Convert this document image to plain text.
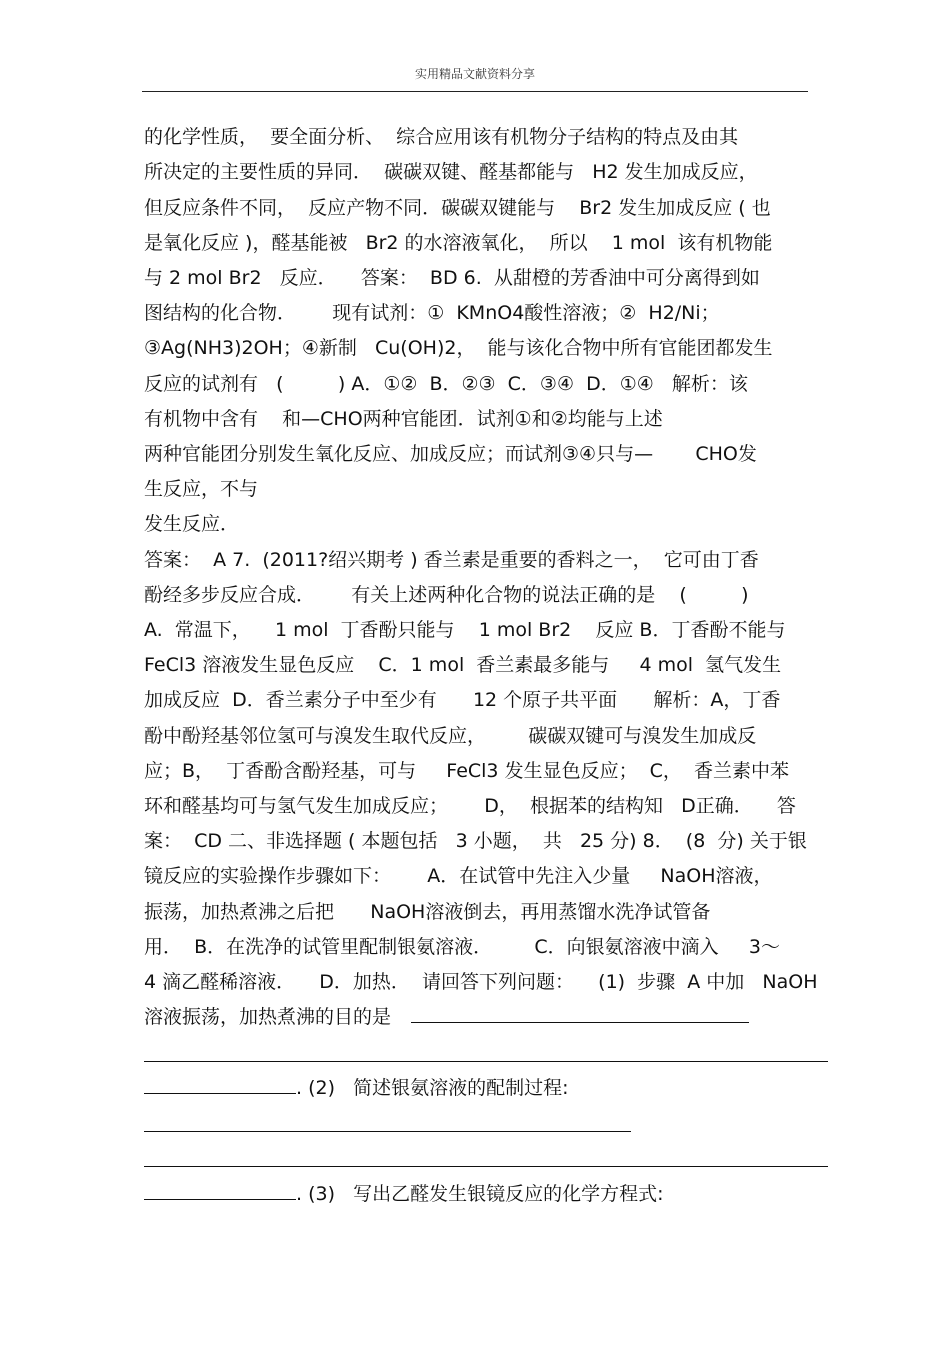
实用精品文献资料分享
的化学性质，  要全面分析、  综合应用该有机物分子结构的特点及由其
所决定的主要性质的异同．  碳碳双键、醛基都能与   H2 发生加成反应，
但反应条件不同，  反应产物不同．碳碳双键能与    Br2 发生加成反应 ( 也
是氧化反应 )，醛基能被   Br2 的水溶液氧化，  所以    1 mol  该有机物能
与 2 mol Br2   反应．    答案：  BD 6.  从甜橙的芳香油中可分离得到如
图结构的化合物．      现有试剂：①  KMnO4酸性溶液；②  H2/Ni；
③Ag(NH3)2OH；④新制   Cu(OH)2，  能与该化合物中所有官能团都发生
反应的试剂有   (         ) A．①②  B．②③  C．③④  D．①④   解析：该
有机物中含有    和—CHO两种官能团．试剂①和②均能与上述
两种官能团分别发生氧化反应、加成反应；而试剂③④只与—       CHO发
生反应，不与
发生反应．
答案：  A 7.  (2011?绍兴期考 ) 香兰素是重要的香料之一，  它可由丁香
酚经多步反应合成．      有关上述两种化合物的说法正确的是    (         )
A.  常温下，    1 mol  丁香酚只能与    1 mol Br2    反应 B．丁香酚不能与
FeCl3 溶液发生显色反应    C．1 mol  香兰素最多能与     4 mol  氢气发生
加成反应  D．香兰素分子中至少有      12 个原子共平面      解析：A，丁香
酚中酚羟基邻位氢可与溴发生取代反应，       碳碳双键可与溴发生加成反
应；B，  丁香酚含酚羟基，可与     FeCl3 发生显色反应；  C，  香兰素中苯
环和醛基均可与氢气发生加成反应；      D，  根据苯的结构知   D正确．    答
案：  CD 二、非选择题 ( 本题包括   3 小题，  共   25 分) 8．  (8  分) 关于银
镜反应的实验操作步骤如下：      A．在试管中先注入少量     NaOH溶液，
振荡，加热煮沸之后把      NaOH溶液倒去，再用蒸馏水洗净试管备
用．  B．在洗净的试管里配制银氨溶液．       C．向银氨溶液中滴入     3～
4 滴乙醛稀溶液．    D．加热．  请回答下列问题：    (1)  步骤  A 中加   NaOH
溶液振荡，加热煮沸的目的是
. (2)   简述银氨溶液的配制过程:
. (3)   写出乙醛发生银镜反应的化学方程式:
